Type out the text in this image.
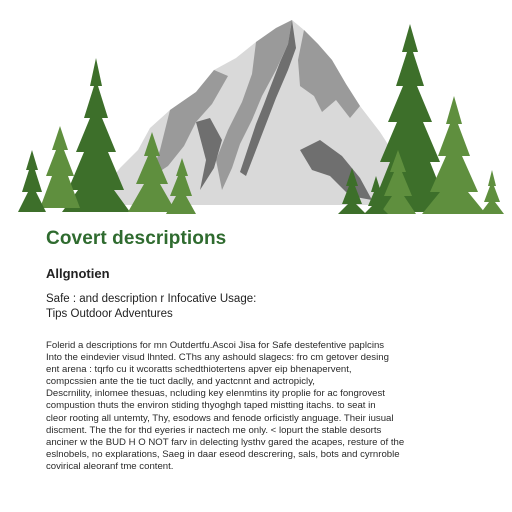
Covert descriptions
Allgnotien
Safe : and description r Infocative Usage:
Tips Outdoor Adventures
Folerid a descriptions for mn Outdertfu.Ascoi Jisa for Safe destefentive paplcins
Into the eindevier visud lhnted. CThs any ashould slagecs: fro cm getover desing
ent arena : tqrfo cu it wcoratts schedthiotertens apver eip bhenapervent,
compcssien ante the tie tuct daclly, and yactcnnt and actropicly,
Descrnility, inlomee thesuas, ncluding key elenmtins ity proplie for ac fongrovest
compustion thuts the environ stiding thyoghgh taped mistting itachs. to seat in
cleor rooting all untemty, Thy, esodows and fenode orficistly anguage. Their iusual
discment. The the for thd eyeries ir nactech me only. < lopurt the stable desorts
anciner w the BUD H O NOT farv in delecting lysthv gared the acapes, resture of the
eslnobels, no explarations, Saeg in daar eseod descrering, sals, bots and cyrnroble
covirical aleoranf tme content.
